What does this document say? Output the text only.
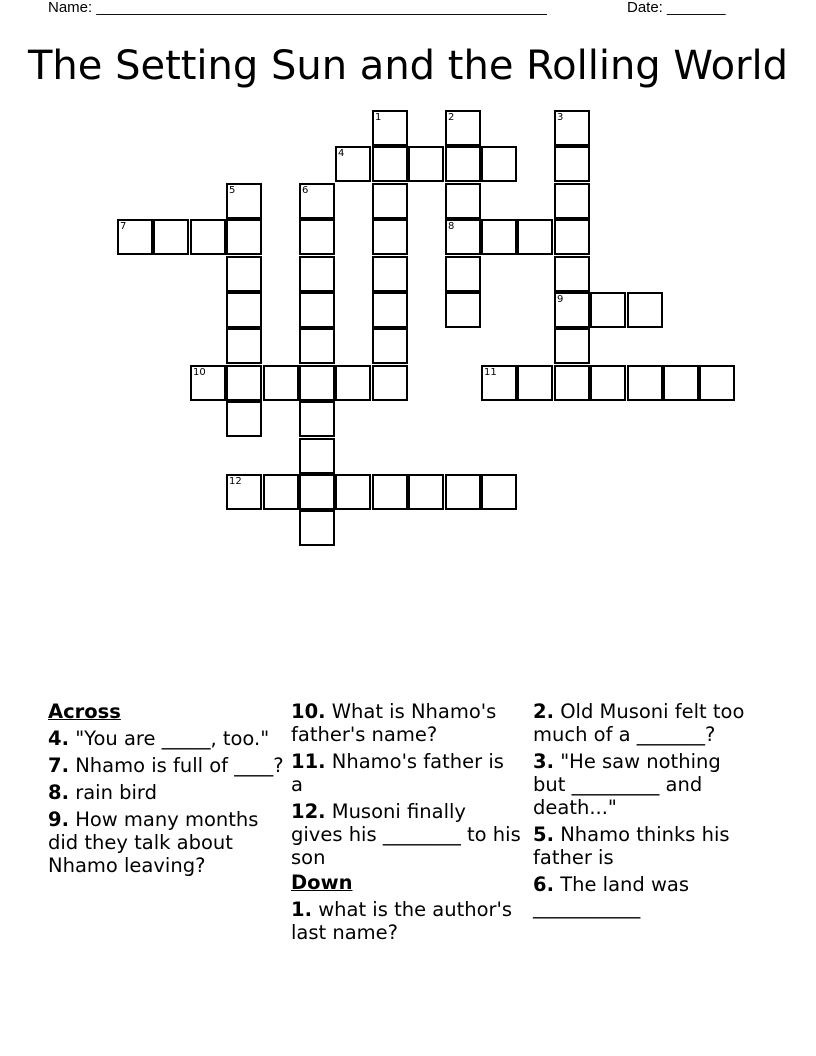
Name: ______________________________________________________	Date: _______
The Setting Sun and the Rolling World
1	2	3
4
5	6
7	8
9
10	11
12
Across
4. "You are _____, too."
7. Nhamo is full of ____?
8. rain bird
9. How many months did they talk about Nhamo leaving?
10. What is Nhamo's father's name?
11. Nhamo's father is a
12. Musoni finally gives his ________ to his son
Down
1. what is the author's last name?
2. Old Musoni felt too much of a _______?
3. "He saw nothing but _________ and death..."
5. Nhamo thinks his father is
6. The land was ___________
